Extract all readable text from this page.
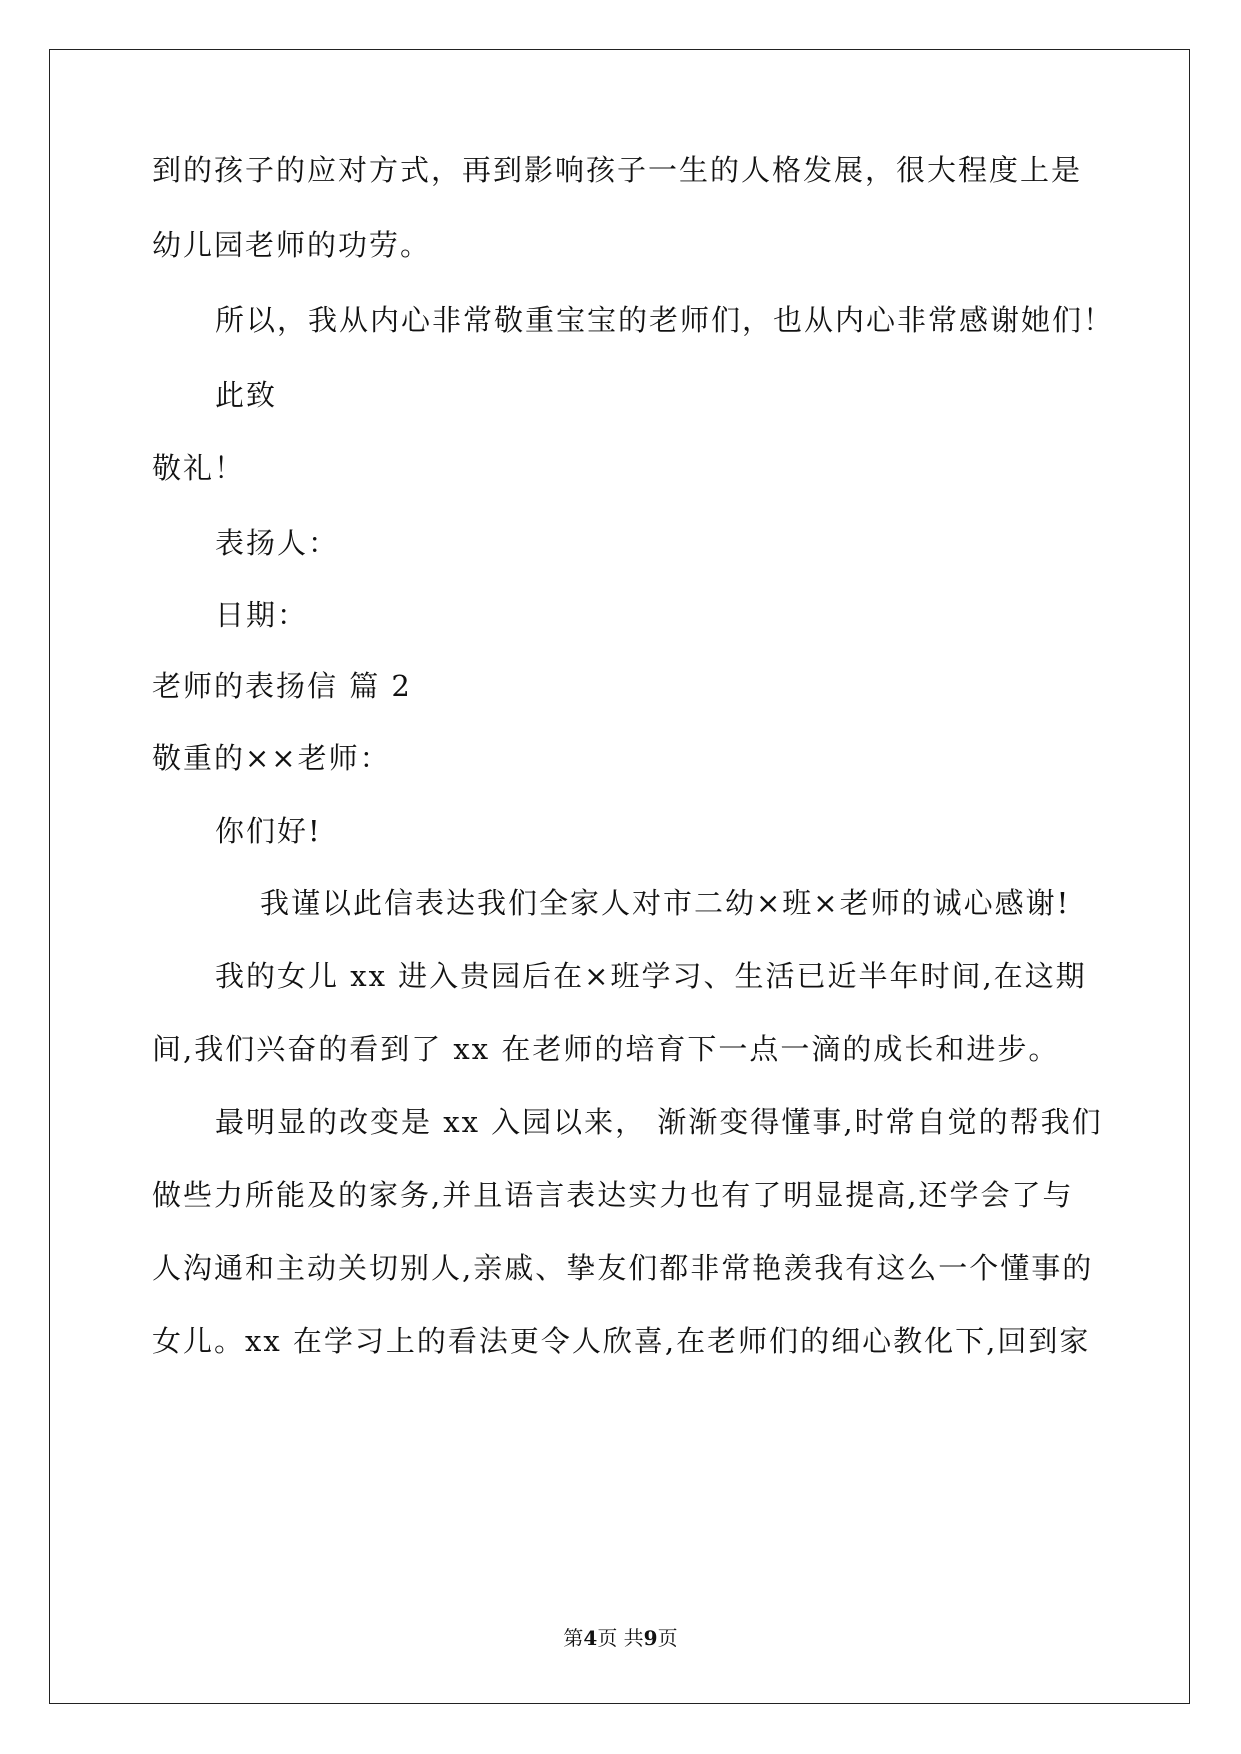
到的孩子的应对方式，再到影响孩子一生的人格发展，很大程度上是
幼儿园老师的功劳。
所以，我从内心非常敬重宝宝的老师们，也从内心非常感谢她们！
此致
敬礼！
表扬人：
日期：
老师的表扬信 篇 2
敬重的××老师：
你们好!
我谨以此信表达我们全家人对市二幼×班×老师的诚心感谢!
我的女儿 xx 进入贵园后在×班学习、生活已近半年时间,在这期
间,我们兴奋的看到了 xx 在老师的培育下一点一滴的成长和进步。
最明显的改变是 xx 入园以来， 渐渐变得懂事,时常自觉的帮我们
做些力所能及的家务,并且语言表达实力也有了明显提高,还学会了与
人沟通和主动关切别人,亲戚、挚友们都非常艳羡我有这么一个懂事的
女儿。xx 在学习上的看法更令人欣喜,在老师们的细心教化下,回到家
第4页 共9页
